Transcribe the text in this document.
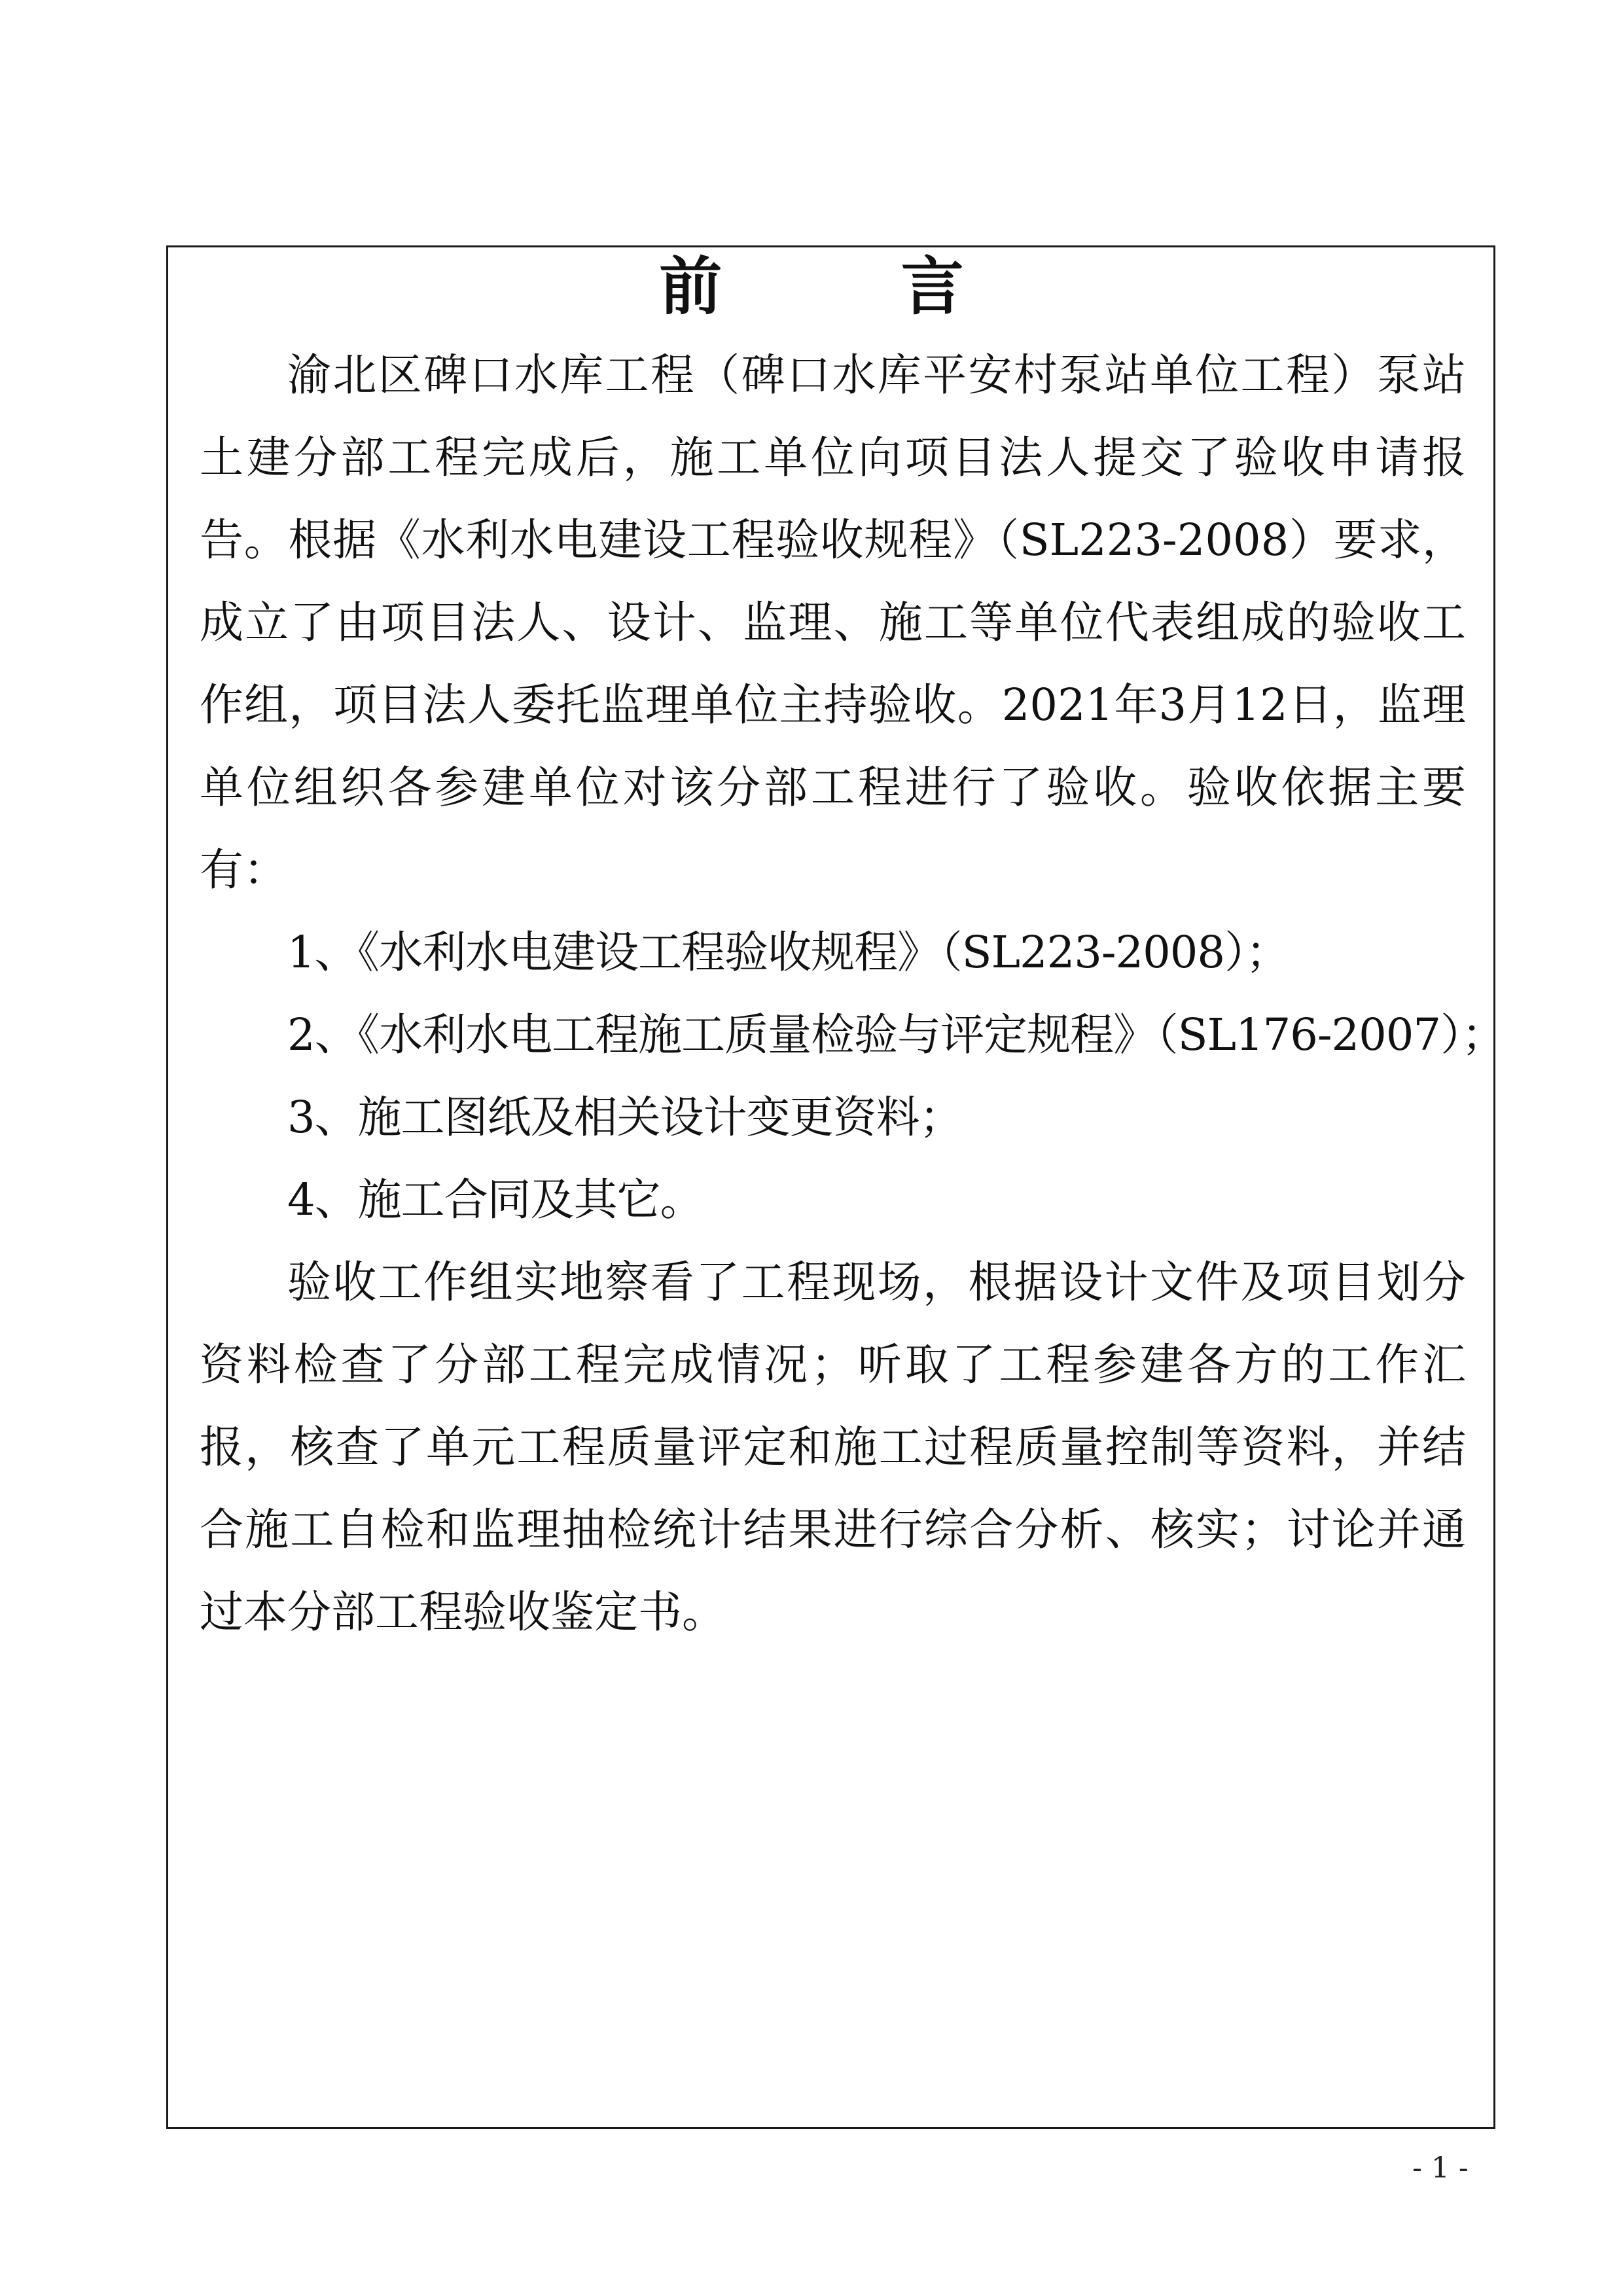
前 言

渝北区碑口水库工程（碑口水库平安村泵站单位工程）泵站土建分部工程完成后，施工单位向项目法人提交了验收申请报告。根据《水利水电建设工程验收规程》（SL223-2008）要求，成立了由项目法人、设计、监理、施工等单位代表组成的验收工作组，项目法人委托监理单位主持验收。2021年3月12日，监理单位组织各参建单位对该分部工程进行了验收。验收依据主要有：

1、《水利水电建设工程验收规程》（SL223-2008）；

2、《水利水电工程施工质量检验与评定规程》（SL176-2007）；

3、施工图纸及相关设计变更资料；

4、施工合同及其它。

验收工作组实地察看了工程现场，根据设计文件及项目划分资料检查了分部工程完成情况；听取了工程参建各方的工作汇报，核查了单元工程质量评定和施工过程质量控制等资料，并结合施工自检和监理抽检统计结果进行综合分析、核实；讨论并通过本分部工程验收鉴定书。

- 1 -
